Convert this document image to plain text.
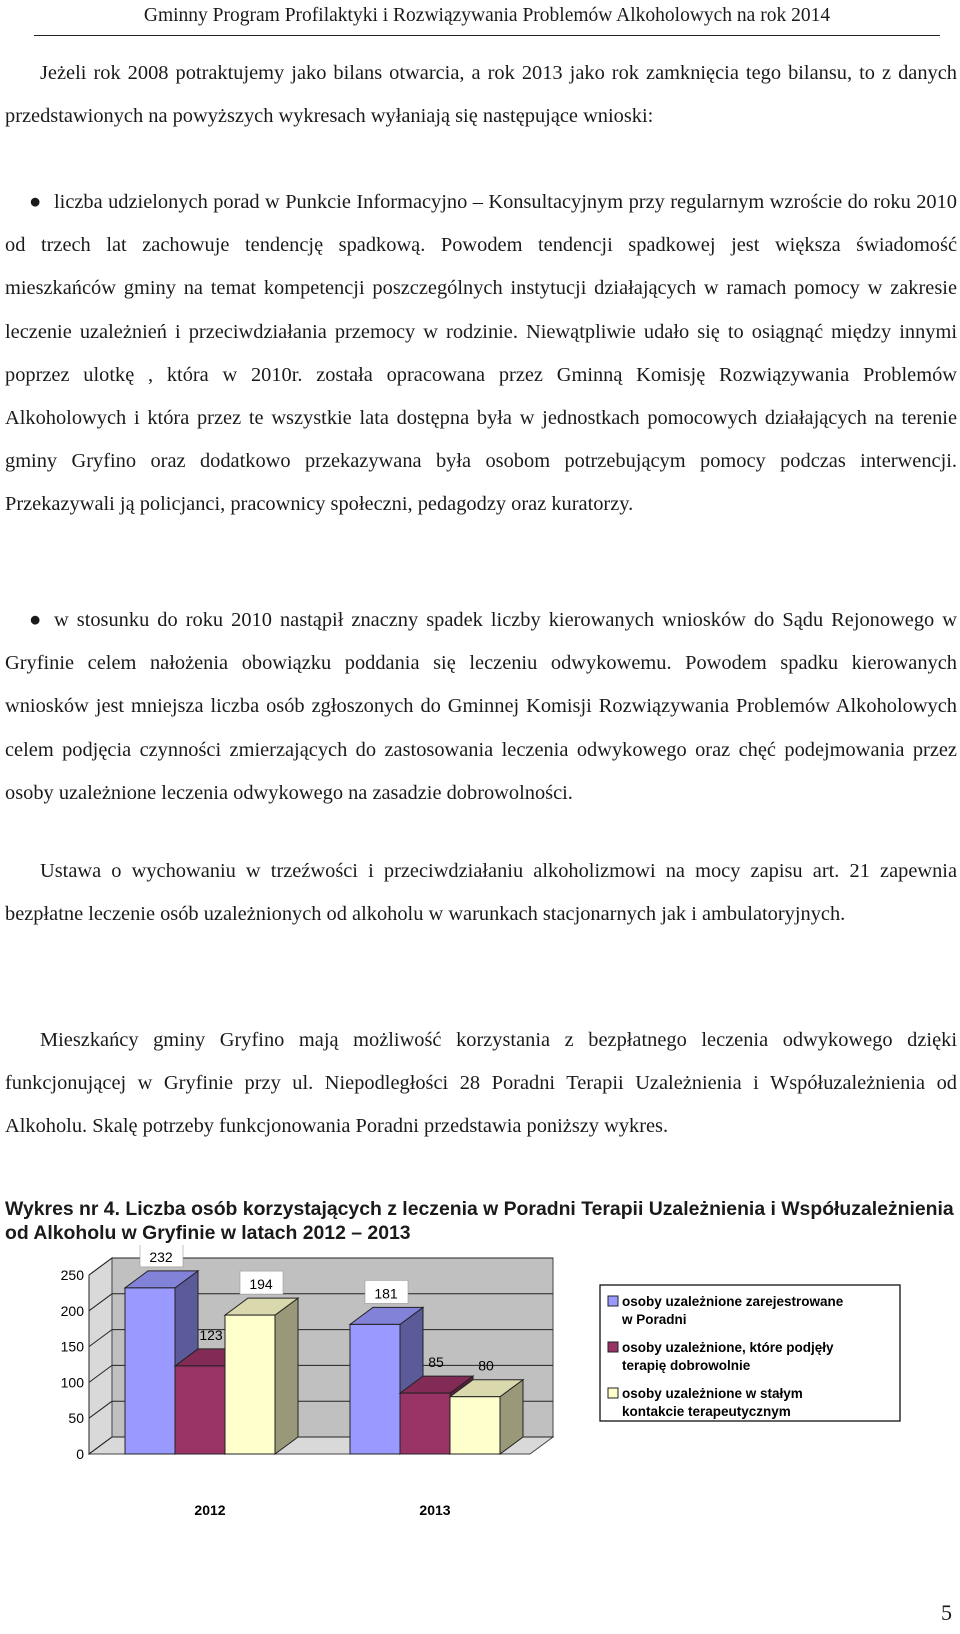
Gminny Program Profilaktyki i Rozwiązywania Problemów Alkoholowych na rok 2014

Jeżeli rok 2008 potraktujemy jako bilans otwarcia, a rok 2013 jako rok zamknięcia tego bilansu, to z danych przedstawionych na powyższych wykresach wyłaniają się następujące wnioski:

● liczba udzielonych porad w Punkcie Informacyjno – Konsultacyjnym przy regularnym wzroście do roku 2010 od trzech lat zachowuje tendencję spadkową. Powodem tendencji spadkowej jest większa świadomość mieszkańców gminy na temat kompetencji poszczególnych instytucji działających w ramach pomocy w zakresie leczenie uzależnień i przeciwdziałania przemocy w rodzinie. Niewątpliwie udało się to osiągnąć między innymi poprzez ulotkę , która w 2010r. została opracowana przez Gminną Komisję Rozwiązywania Problemów Alkoholowych i która przez te wszystkie lata dostępna była w jednostkach pomocowych działających na terenie gminy Gryfino oraz dodatkowo przekazywana była osobom potrzebującym pomocy podczas interwencji. Przekazywali ją policjanci, pracownicy społeczni, pedagodzy oraz kuratorzy.

● w stosunku do roku 2010 nastąpił znaczny spadek liczby kierowanych wniosków do Sądu Rejonowego w Gryfinie celem nałożenia obowiązku poddania się leczeniu odwykowemu. Powodem spadku kierowanych wniosków jest mniejsza liczba osób zgłoszonych do Gminnej Komisji Rozwiązywania Problemów Alkoholowych celem podjęcia czynności zmierzających do zastosowania leczenia odwykowego oraz chęć podejmowania przez osoby uzależnione leczenia odwykowego na zasadzie dobrowolności.

Ustawa o wychowaniu w trzeźwości i przeciwdziałaniu alkoholizmowi na mocy zapisu art. 21 zapewnia bezpłatne leczenie osób uzależnionych od alkoholu w warunkach stacjonarnych jak i ambulatoryjnych.

Mieszkańcy gminy Gryfino mają możliwość korzystania z bezpłatnego leczenia odwykowego dzięki funkcjonującej w Gryfinie przy ul. Niepodległości 28 Poradni Terapii Uzależnienia i Współuzależnienia od Alkoholu. Skalę potrzeby funkcjonowania Poradni przedstawia poniższy wykres.

Wykres nr 4. Liczba osób korzystających z leczenia w Poradni Terapii Uzależnienia i Współuzależnienia od Alkoholu w Gryfinie w latach 2012 – 2013

0
50
100
150
200
250
232
123
194
2012
181
85 80
2013
osoby uzależnione zarejestrowane
w Poradni
osoby uzależnione, które podjęły
terapię dobrowolnie
osoby uzależnione w stałym
kontakcie terapeutycznym
5
